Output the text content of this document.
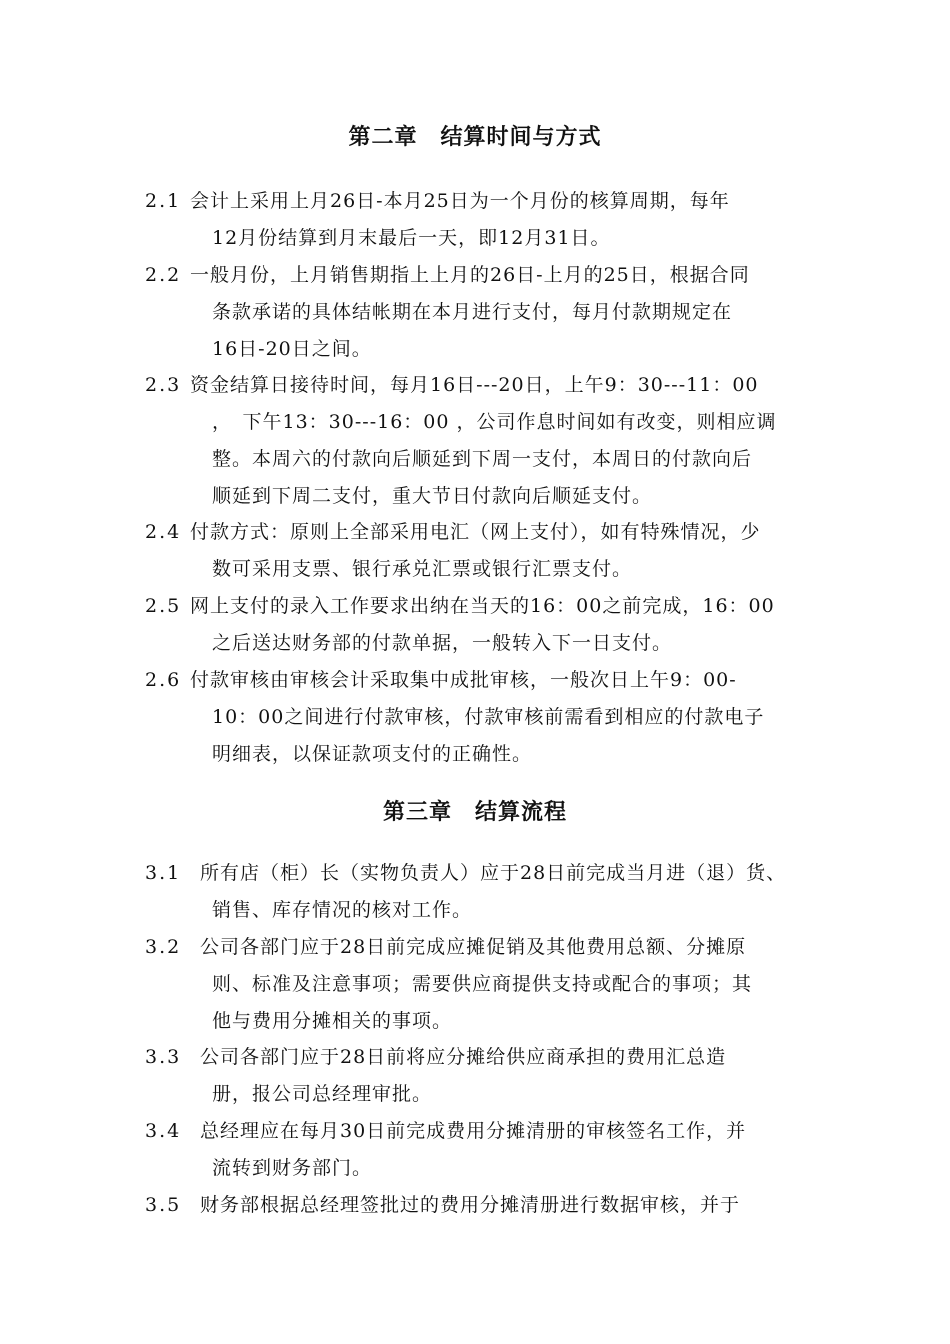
第二章　结算时间与方式
2.1 会计上采用上月26日-本月25日为一个月份的核算周期，每年
12月份结算到月末最后一天，即12月31日。
2.2 一般月份，上月销售期指上上月的26日-上月的25日，根据合同
条款承诺的具体结帐期在本月进行支付，每月付款期规定在
16日-20日之间。
2.3 资金结算日接待时间，每月16日---20日，上午9：30---11：00
，　下午13：30---16：00 ，公司作息时间如有改变，则相应调
整。本周六的付款向后顺延到下周一支付，本周日的付款向后
顺延到下周二支付，重大节日付款向后顺延支付。
2.4 付款方式：原则上全部采用电汇（网上支付），如有特殊情况，少
数可采用支票、银行承兑汇票或银行汇票支付。
2.5 网上支付的录入工作要求出纳在当天的16：00之前完成，16：00
之后送达财务部的付款单据，一般转入下一日支付。
2.6 付款审核由审核会计采取集中成批审核，一般次日上午9：00-
10：00之间进行付款审核，付款审核前需看到相应的付款电子
明细表，以保证款项支付的正确性。
第三章　结算流程
3.1 所有店（柜）长（实物负责人）应于28日前完成当月进（退）货、
销售、库存情况的核对工作。
3.2 公司各部门应于28日前完成应摊促销及其他费用总额、分摊原
则、标准及注意事项；需要供应商提供支持或配合的事项；其
他与费用分摊相关的事项。
3.3 公司各部门应于28日前将应分摊给供应商承担的费用汇总造
册，报公司总经理审批。
3.4 总经理应在每月30日前完成费用分摊清册的审核签名工作，并
流转到财务部门。
3.5 财务部根据总经理签批过的费用分摊清册进行数据审核，并于
